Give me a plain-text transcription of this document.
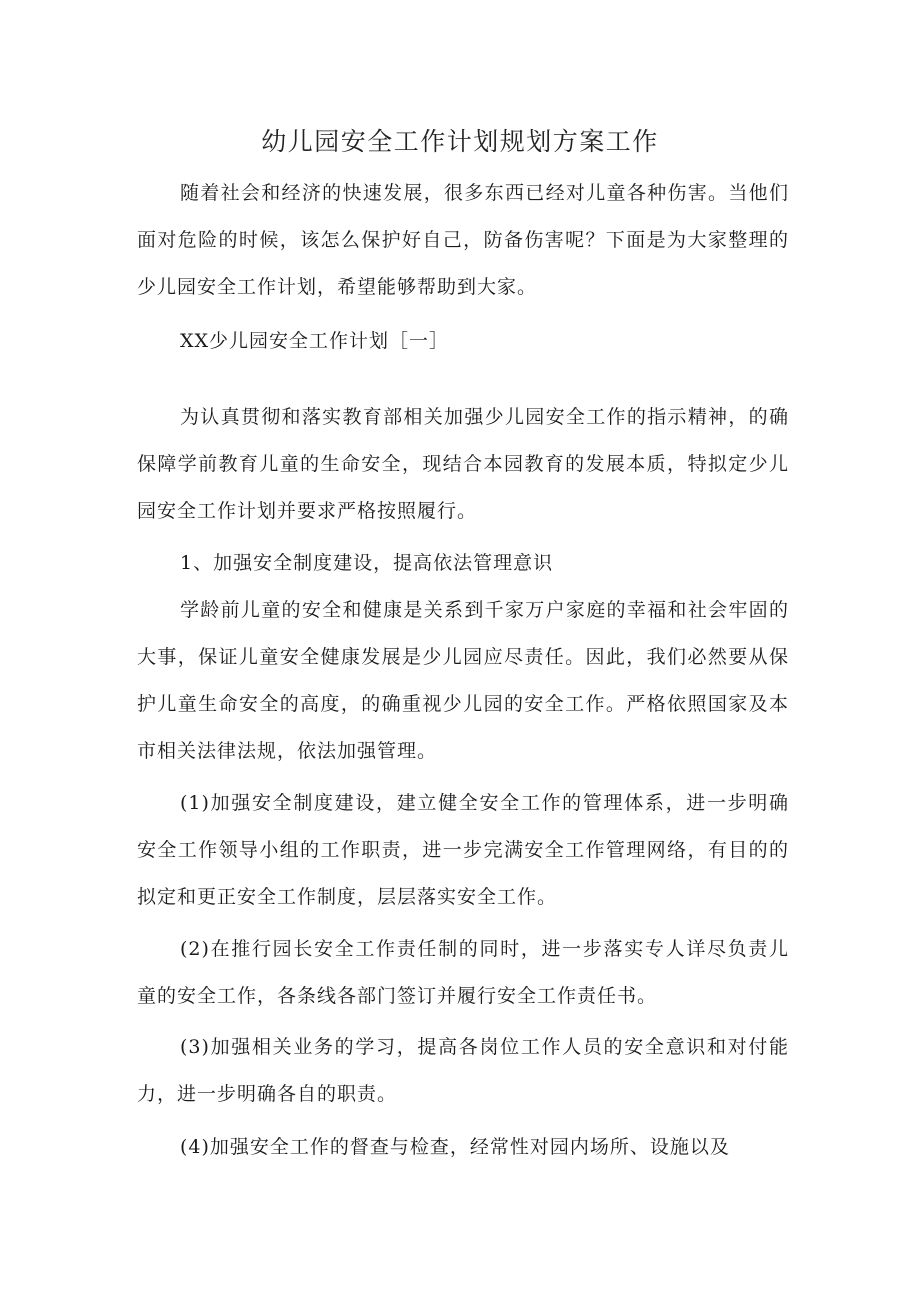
幼儿园安全工作计划规划方案工作

随着社会和经济的快速发展，很多东西已经对儿童各种伤害。当他们面对危险的时候，该怎么保护好自己，防备伤害呢？下面是为大家整理的少儿园安全工作计划，希望能够帮助到大家。

XX少儿园安全工作计划［一］

为认真贯彻和落实教育部相关加强少儿园安全工作的指示精神，的确保障学前教育儿童的生命安全，现结合本园教育的发展本质，特拟定少儿园安全工作计划并要求严格按照履行。

1、加强安全制度建设，提高依法管理意识

学龄前儿童的安全和健康是关系到千家万户家庭的幸福和社会牢固的大事，保证儿童安全健康发展是少儿园应尽责任。因此，我们必然要从保护儿童生命安全的高度，的确重视少儿园的安全工作。严格依照国家及本市相关法律法规，依法加强管理。

(1)加强安全制度建设，建立健全安全工作的管理体系，进一步明确安全工作领导小组的工作职责，进一步完满安全工作管理网络，有目的的拟定和更正安全工作制度，层层落实安全工作。

(2)在推行园长安全工作责任制的同时，进一步落实专人详尽负责儿童的安全工作，各条线各部门签订并履行安全工作责任书。

(3)加强相关业务的学习，提高各岗位工作人员的安全意识和对付能力，进一步明确各自的职责。

(4)加强安全工作的督查与检查，经常性对园内场所、设施以及
